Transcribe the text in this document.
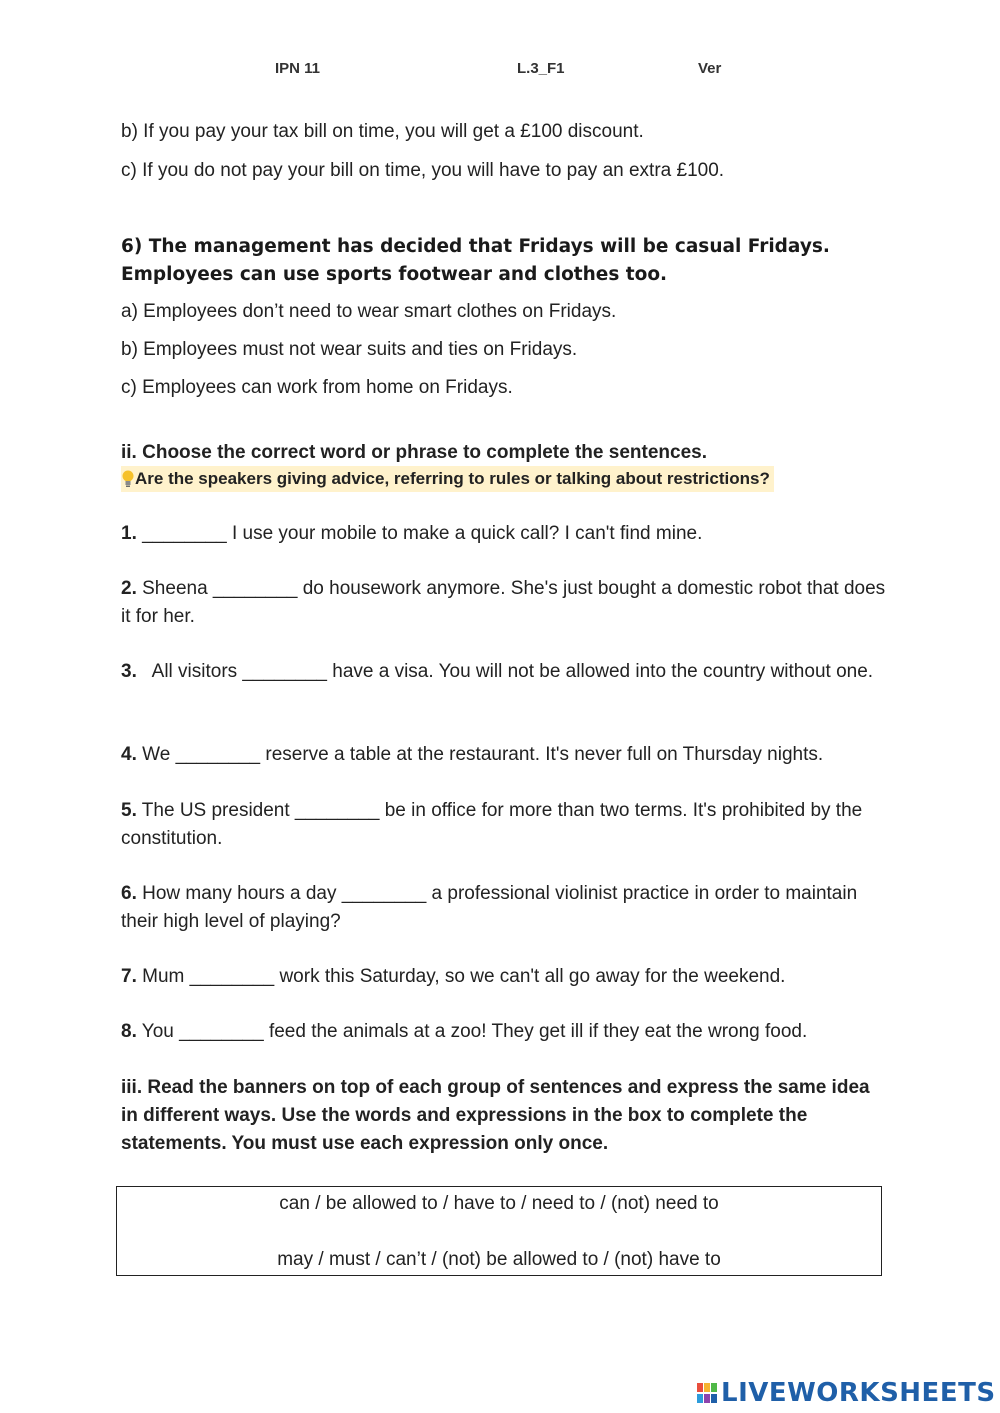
IPN 11	L.3_F1	Ver
b) If you pay your tax bill on time, you will get a £100 discount.
c) If you do not pay your bill on time, you will have to pay an extra £100.
6) The management has decided that Fridays will be casual Fridays. Employees can use sports footwear and clothes too.
a) Employees don’t need to wear smart clothes on Fridays.
b) Employees must not wear suits and ties on Fridays.
c) Employees can work from home on Fridays.
ii. Choose the correct word or phrase to complete the sentences.
Are the speakers giving advice, referring to rules or talking about restrictions?
1. ________ I use your mobile to make a quick call? I can't find mine.
2. Sheena ________ do housework anymore. She's just bought a domestic robot that does it for her.
3.   All visitors ________ have a visa. You will not be allowed into the country without one.
4. We ________ reserve a table at the restaurant. It's never full on Thursday nights.
5. The US president ________ be in office for more than two terms. It's prohibited by the constitution.
6. How many hours a day ________ a professional violinist practice in order to maintain their high level of playing?
7. Mum ________ work this Saturday, so we can't all go away for the weekend.
8. You ________ feed the animals at a zoo! They get ill if they eat the wrong food.
iii. Read the banners on top of each group of sentences and express the same idea in different ways. Use the words and expressions in the box to complete the statements. You must use each expression only once.
can / be allowed to / have to / need to / (not) need to
may / must / can’t / (not) be allowed to / (not) have to
LIVEWORKSHEETS
